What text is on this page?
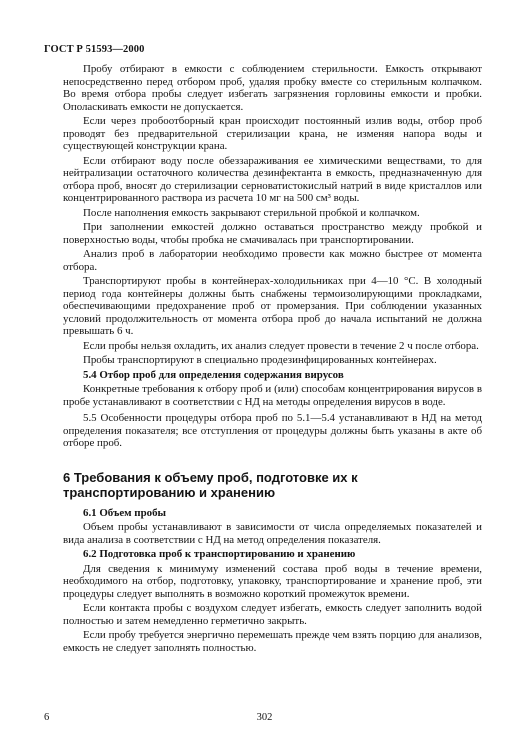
ГОСТ Р 51593—2000

Пробу отбирают в емкости с соблюдением стерильности. Емкость открывают непосредственно перед отбором проб, удаляя пробку вместе со стерильным колпачком. Во время отбора пробы следует избегать загрязнения горловины емкости и пробки. Ополаскивать емкости не допускается.

Если через пробоотборный кран происходит постоянный излив воды, отбор проб проводят без предварительной стерилизации крана, не изменяя напора воды и существующей конструкции крана.

Если отбирают воду после обеззараживания ее химическими веществами, то для нейтрализации остаточного количества дезинфектанта в емкость, предназначенную для отбора проб, вносят до стерилизации серноватистокислый натрий в виде кристаллов или концентрированного раствора из расчета 10 мг на 500 см³ воды.

После наполнения емкость закрывают стерильной пробкой и колпачком.

При заполнении емкостей должно оставаться пространство между пробкой и поверхностью воды, чтобы пробка не смачивалась при транспортировании.

Анализ проб в лаборатории необходимо провести как можно быстрее от момента отбора.

Транспортируют пробы в контейнерах-холодильниках при 4—10 °С. В холодный период года контейнеры должны быть снабжены термоизолирующими прокладками, обеспечивающими предохранение проб от промерзания. При соблюдении указанных условий продолжительность от момента отбора проб до начала испытаний не должна превышать 6 ч.

Если пробы нельзя охладить, их анализ следует провести в течение 2 ч после отбора.

Пробы транспортируют в специально продезинфицированных контейнерах.

5.4 Отбор проб для определения содержания вирусов

Конкретные требования к отбору проб и (или) способам концентрирования вирусов в пробе устанавливают в соответствии с НД на методы определения вирусов в воде.

5.5 Особенности процедуры отбора проб по 5.1—5.4 устанавливают в НД на метод определения показателя; все отступления от процедуры должны быть указаны в акте об отборе проб.

6 Требования к объему проб, подготовке их к транспортированию и хранению

6.1 Объем пробы

Объем пробы устанавливают в зависимости от числа определяемых показателей и вида анализа в соответствии с НД на метод определения показателя.

6.2 Подготовка проб к транспортированию и хранению

Для сведения к минимуму изменений состава проб воды в течение времени, необходимого на отбор, подготовку, упаковку, транспортирование и хранение проб, эти процедуры следует выполнять в возможно короткий промежуток времени.

Если контакта пробы с воздухом следует избегать, емкость следует заполнить водой полностью и затем немедленно герметично закрыть.

Если пробу требуется энергично перемешать прежде чем взять порцию для анализов, емкость не следует заполнять полностью.

6	302
